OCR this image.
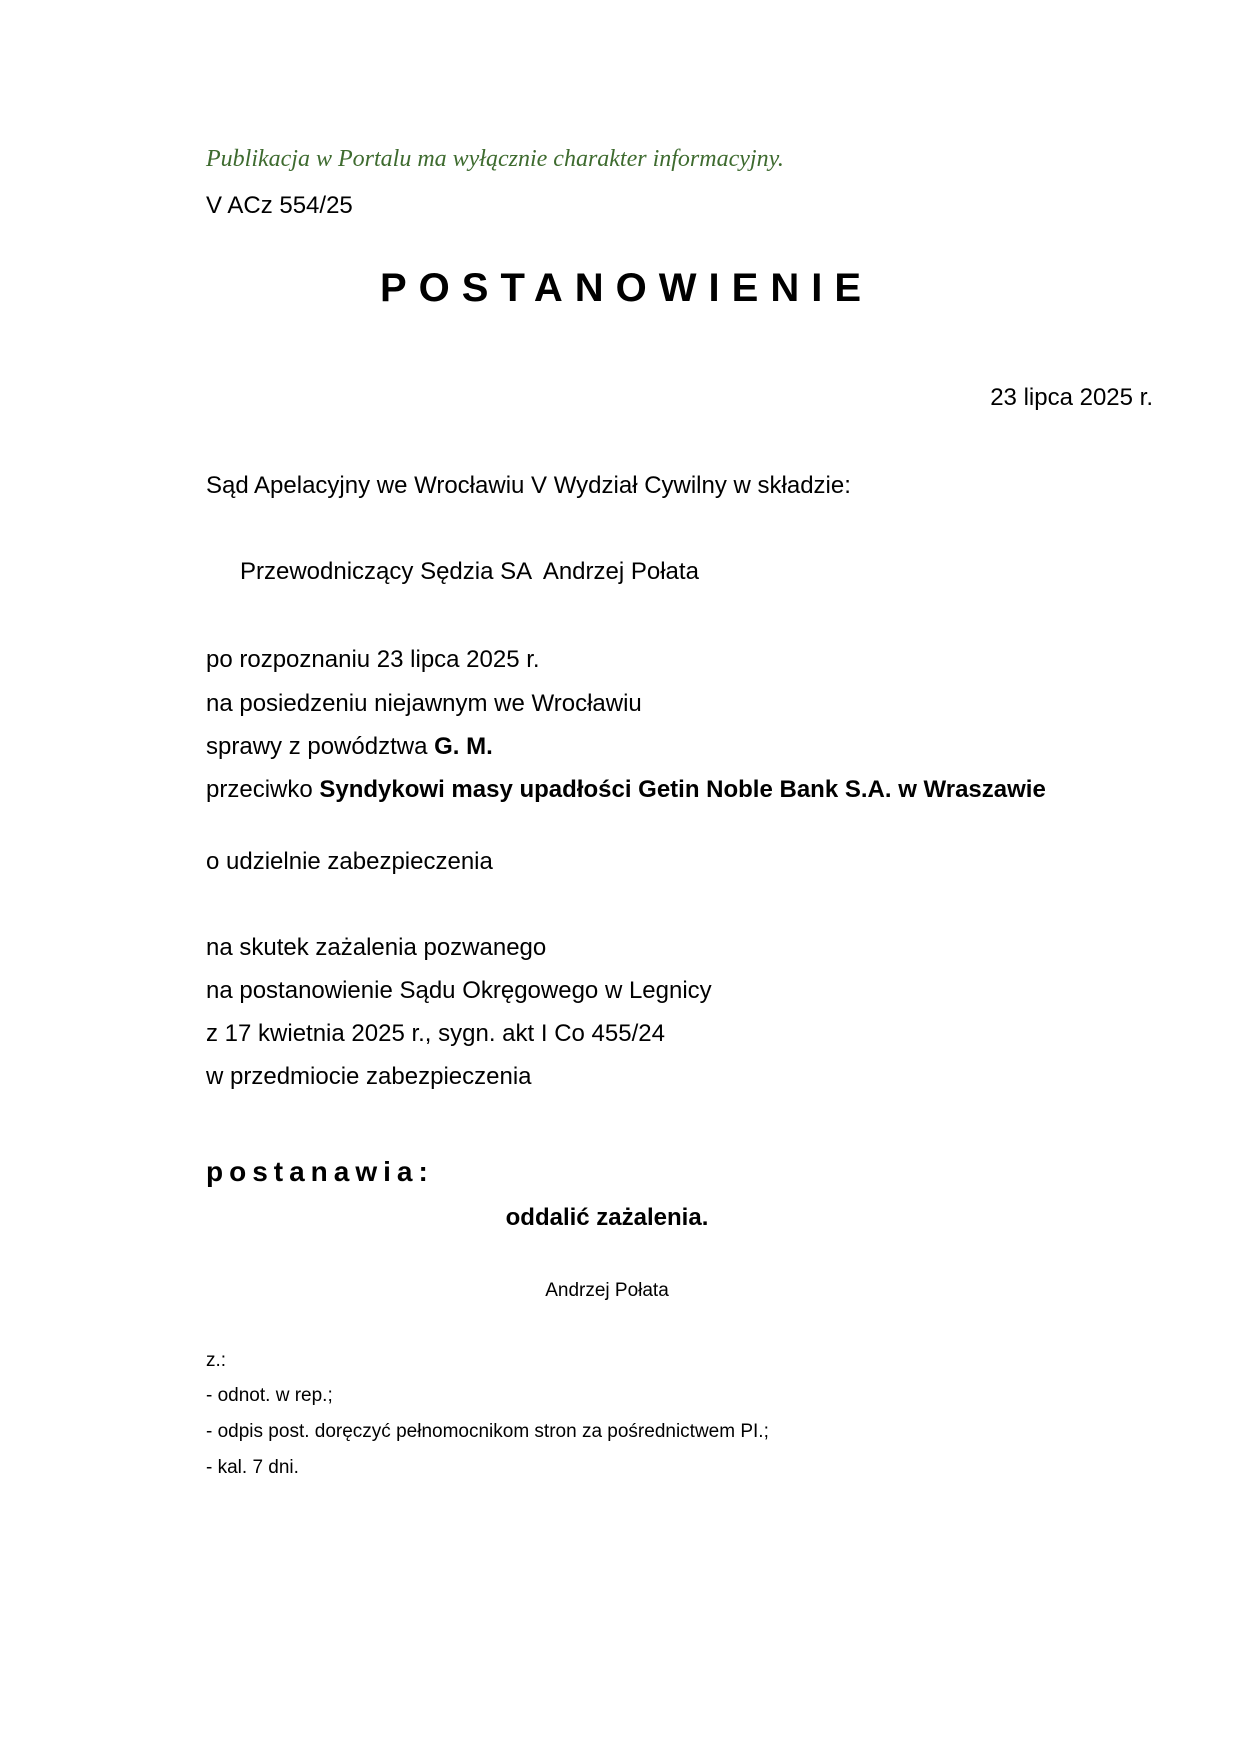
Publikacja w Portalu ma wyłącznie charakter informacyjny.
V ACz 554/25
POSTANOWIENIE
23 lipca 2025 r.
Sąd Apelacyjny we Wrocławiu V Wydział Cywilny w składzie:
Przewodniczący Sędzia SA  Andrzej Połata
po rozpoznaniu 23 lipca 2025 r.
na posiedzeniu niejawnym we Wrocławiu
sprawy z powództwa G. M.
przeciwko Syndykowi masy upadłości Getin Noble Bank S.A. w Wraszawie
o udzielnie zabezpieczenia
na skutek zażalenia pozwanego
na postanowienie Sądu Okręgowego w Legnicy
z 17 kwietnia 2025 r., sygn. akt I Co 455/24
w przedmiocie zabezpieczenia
postanawia:
oddalić zażalenia.
Andrzej Połata
z.:
- odnot. w rep.;
- odpis post. doręczyć pełnomocnikom stron za pośrednictwem PI.;
- kal. 7 dni.
